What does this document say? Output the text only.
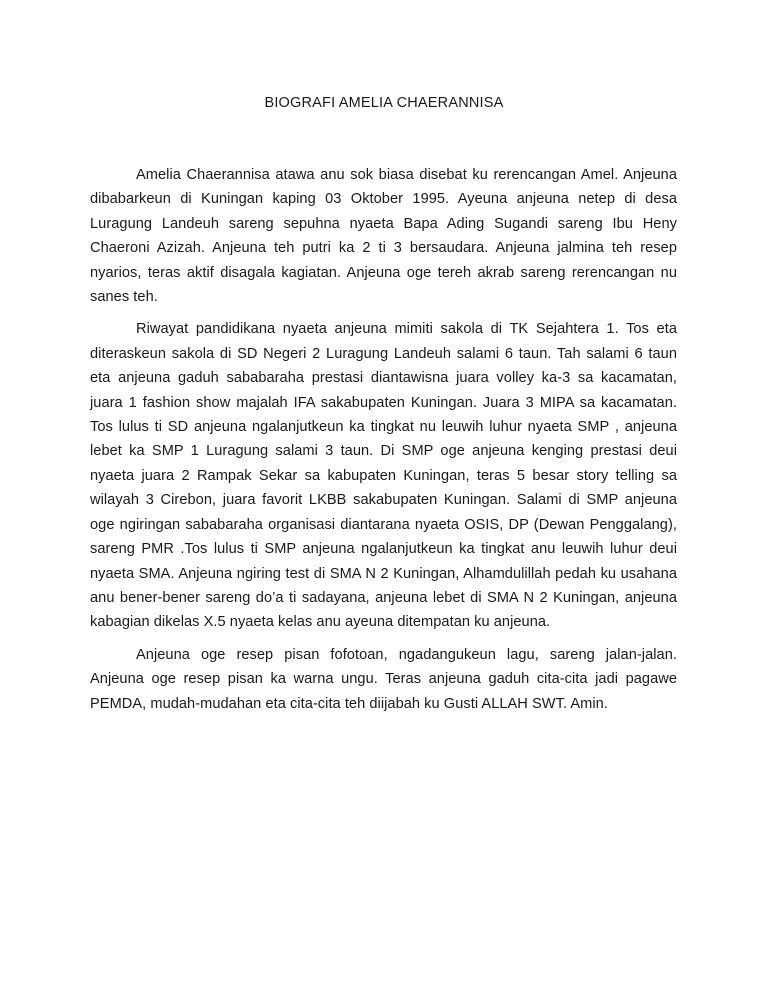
BIOGRAFI AMELIA CHAERANNISA

Amelia Chaerannisa atawa anu sok biasa disebat ku rerencangan Amel. Anjeuna dibabarkeun di Kuningan kaping 03 Oktober 1995. Ayeuna anjeuna netep di desa Luragung Landeuh sareng sepuhna nyaeta Bapa Ading Sugandi sareng Ibu Heny Chaeroni Azizah. Anjeuna teh putri ka 2 ti 3 bersaudara. Anjeuna jalmina teh resep nyarios, teras aktif disagala kagiatan. Anjeuna oge tereh akrab sareng rerencangan nu sanes teh.

Riwayat pandidikana nyaeta anjeuna mimiti sakola di TK Sejahtera 1. Tos eta diteraskeun sakola di SD Negeri 2 Luragung Landeuh salami 6 taun. Tah salami 6 taun eta anjeuna gaduh sababaraha prestasi diantawisna juara volley ka-3 sa kacamatan, juara 1 fashion show majalah IFA sakabupaten Kuningan. Juara 3 MIPA sa kacamatan. Tos lulus ti SD anjeuna ngalanjutkeun ka tingkat nu leuwih luhur nyaeta SMP , anjeuna lebet ka SMP 1 Luragung salami 3 taun. Di SMP oge anjeuna kenging prestasi deui nyaeta juara 2 Rampak Sekar sa kabupaten Kuningan, teras 5 besar story telling sa wilayah 3 Cirebon, juara favorit LKBB sakabupaten Kuningan. Salami di SMP anjeuna oge ngiringan sababaraha organisasi diantarana nyaeta OSIS, DP (Dewan Penggalang), sareng PMR .Tos lulus ti SMP anjeuna ngalanjutkeun ka tingkat anu leuwih luhur deui nyaeta SMA. Anjeuna ngiring test di SMA N 2 Kuningan, Alhamdulillah pedah ku usahana anu bener-bener sareng do’a ti sadayana, anjeuna lebet di SMA N 2 Kuningan, anjeuna kabagian dikelas X.5 nyaeta kelas anu ayeuna ditempatan ku anjeuna.

Anjeuna oge resep pisan fofotoan, ngadangukeun lagu, sareng jalan-jalan. Anjeuna oge resep pisan ka warna ungu. Teras anjeuna gaduh cita-cita jadi pagawe PEMDA, mudah-mudahan eta cita-cita teh diijabah ku Gusti ALLAH SWT. Amin.
